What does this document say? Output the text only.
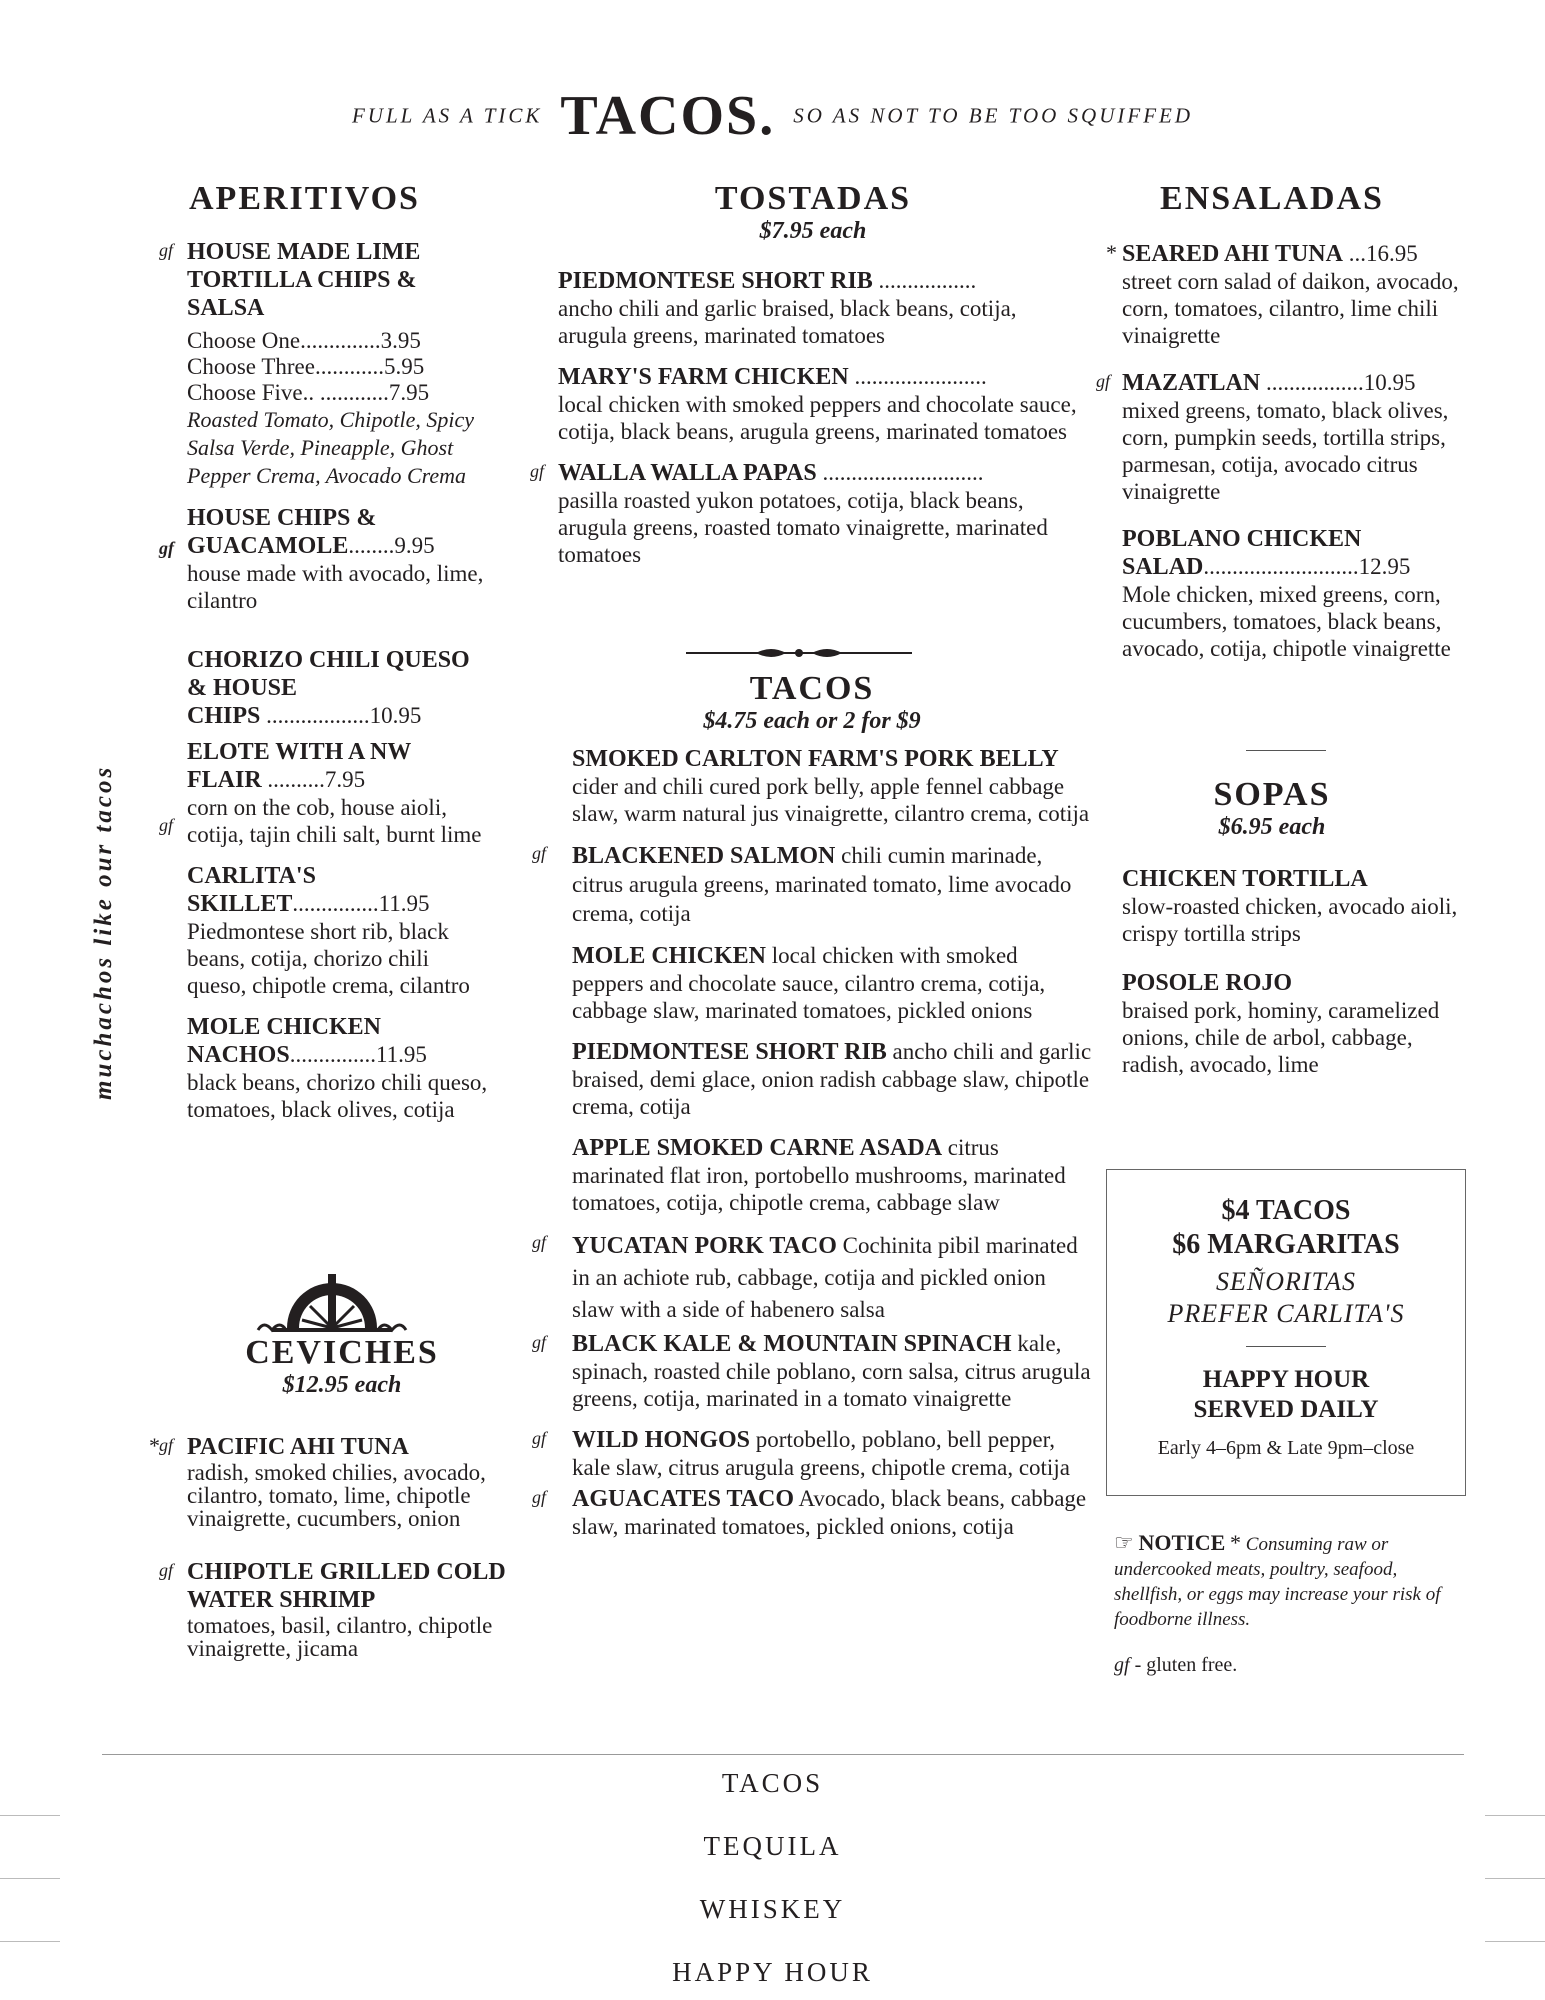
FULL AS A TICK TACOS. SO AS NOT TO BE TOO SQUIFFED
muchachos like our tacos
APERITIVOS
gf HOUSE MADE LIME TORTILLA CHIPS & SALSA
Choose One..............3.95
Choose Three............5.95
Choose Five.. ............7.95
Roasted Tomato, Chipotle, Spicy Salsa Verde, Pineapple, Ghost Pepper Crema, Avocado Crema
HOUSE CHIPS &
gf GUACAMOLE........9.95
house made with avocado, lime, cilantro
CHORIZO CHILI QUESO & HOUSE
CHIPS ..................10.95
ELOTE WITH A NW
FLAIR ..........7.95
gf
corn on the cob, house aioli, cotija, tajin chili salt, burnt lime
CARLITA'S
SKILLET...............11.95
Piedmontese short rib, black beans, cotija, chorizo chili queso, chipotle crema, cilantro
MOLE CHICKEN
NACHOS...............11.95
black beans, chorizo chili queso, tomatoes, black olives, cotija
CEVICHES
$12.95 each
* gf PACIFIC AHI TUNA
radish, smoked chilies, avocado, cilantro, tomato, lime, chipotle vinaigrette, cucumbers, onion
gf CHIPOTLE GRILLED COLD WATER SHRIMP
tomatoes, basil, cilantro, chipotle vinaigrette, jicama
TOSTADAS
$7.95 each
PIEDMONTESE SHORT RIB .................
ancho chili and garlic braised, black beans, cotija, arugula greens, marinated tomatoes
MARY'S FARM CHICKEN .......................
local chicken with smoked peppers and chocolate sauce, cotija, black beans, arugula greens, marinated tomatoes
gf WALLA WALLA PAPAS ............................
pasilla roasted yukon potatoes, cotija, black beans, arugula greens, roasted tomato vinaigrette, marinated tomatoes
TACOS
$4.75 each or 2 for $9
SMOKED CARLTON FARM'S PORK BELLY cider and chili cured pork belly, apple fennel cabbage slaw, warm natural jus vinaigrette, cilantro crema, cotija
gf BLACKENED SALMON chili cumin marinade, citrus arugula greens, marinated tomato, lime avocado crema, cotija
MOLE CHICKEN local chicken with smoked peppers and chocolate sauce, cilantro crema, cotija, cabbage slaw, marinated tomatoes, pickled onions
PIEDMONTESE SHORT RIB ancho chili and garlic braised, demi glace, onion radish cabbage slaw, chipotle crema, cotija
APPLE SMOKED CARNE ASADA citrus marinated flat iron, portobello mushrooms, marinated tomatoes, cotija, chipotle crema, cabbage slaw
gf YUCATAN PORK TACO Cochinita pibil marinated in an achiote rub, cabbage, cotija and pickled onion slaw with a side of habenero salsa
gf BLACK KALE & MOUNTAIN SPINACH kale, spinach, roasted chile poblano, corn salsa, citrus arugula greens, cotija, marinated in a tomato vinaigrette
gf WILD HONGOS portobello, poblano, bell pepper, kale slaw, citrus arugula greens, chipotle crema, cotija
gf AGUACATES TACO Avocado, black beans, cabbage slaw, marinated tomatoes, pickled onions, cotija
ENSALADAS
* SEARED AHI TUNA ...16.95
street corn salad of daikon, avocado, corn, tomatoes, cilantro, lime chili vinaigrette
gf MAZATLAN .................10.95
mixed greens, tomato, black olives, corn, pumpkin seeds, tortilla strips, parmesan, cotija, avocado citrus vinaigrette
POBLANO CHICKEN
SALAD...........................12.95
Mole chicken, mixed greens, corn, cucumbers, tomatoes, black beans, avocado, cotija, chipotle vinaigrette
SOPAS
$6.95 each
CHICKEN TORTILLA
slow-roasted chicken, avocado aioli, crispy tortilla strips
POSOLE ROJO
braised pork, hominy, caramelized onions, chile de arbol, cabbage, radish, avocado, lime
$4 TACOS
$6 MARGARITAS
SEÑORITAS
PREFER CARLITA'S
HAPPY HOUR
SERVED DAILY
Early 4–6pm & Late 9pm–close
☞ NOTICE * Consuming raw or undercooked meats, poultry, seafood, shellfish, or eggs may increase your risk of foodborne illness.
gf - gluten free.
TACOS
TEQUILA
WHISKEY
HAPPY HOUR
